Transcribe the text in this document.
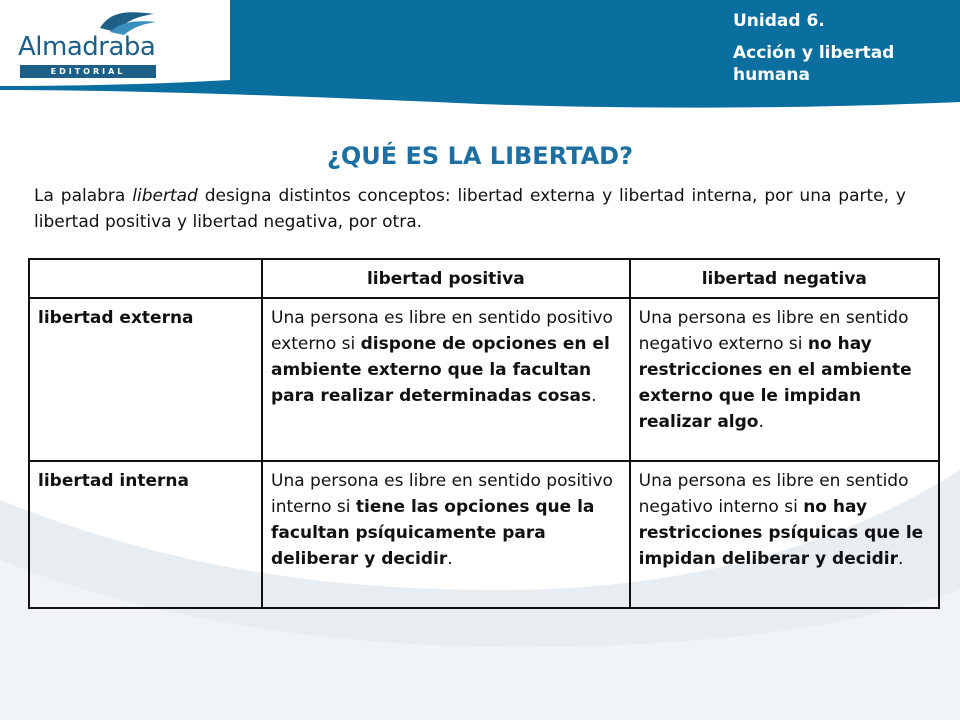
Almadraba
EDITORIAL
Unidad 6.
Acción y libertad humana
¿QUÉ ES LA LIBERTAD?
La palabra libertad designa distintos conceptos: libertad externa y libertad interna, por una parte, y libertad positiva y libertad negativa, por otra.
	libertad positiva	libertad negativa
libertad externa	Una persona es libre en sentido positivo externo si dispone de opciones en el ambiente externo que la facultan para realizar determinadas cosas.	Una persona es libre en sentido negativo externo si no hay restricciones en el ambiente externo que le impidan realizar algo.
libertad interna	Una persona es libre en sentido positivo interno si tiene las opciones que la facultan psíquicamente para deliberar y decidir.	Una persona es libre en sentido negativo interno si no hay restricciones psíquicas que le impidan deliberar y decidir.
